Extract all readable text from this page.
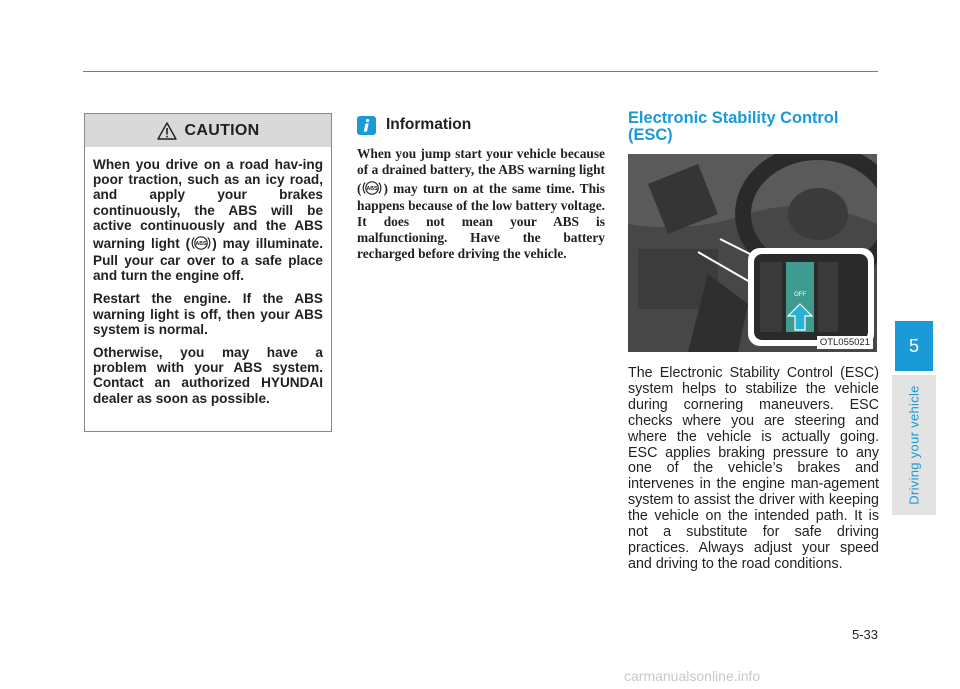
CAUTION

When you drive on a road hav-ing poor traction, such as an icy road, and apply your brakes continuously, the ABS will be active continuously and the ABS warning light ( ABS ) may illuminate. Pull your car over to a safe place and turn the engine off.

Restart the engine. If the ABS warning light is off, then your ABS system is normal.

Otherwise, you may have a problem with your ABS system. Contact an authorized HYUNDAI dealer as soon as possible.

Information

When you jump start your vehicle because of a drained battery, the ABS warning light ( ABS ) may turn on at the same time. This happens because of the low battery voltage. It does not mean your ABS is malfunctioning. Have the battery recharged before driving the vehicle.

Electronic Stability Control (ESC)
OFF
OTL055021

The Electronic Stability Control (ESC) system helps to stabilize the vehicle during cornering maneuvers. ESC checks where you are steering and where the vehicle is actually going. ESC applies braking pressure to any one of the vehicle’s brakes and intervenes in the engine man-agement system to assist the driver with keeping the vehicle on the intended path. It is not a substitute for safe driving practices. Always adjust your speed and driving to the road conditions.

5
Driving your vehicle
5-33
carmanualsonline.info
